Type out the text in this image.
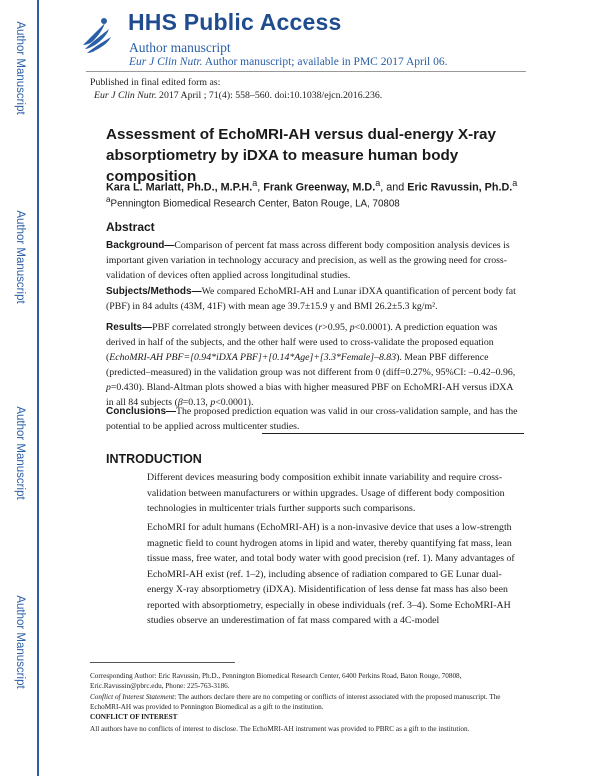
Author Manuscript
Author Manuscript
Author Manuscript
Author Manuscript
HHS Public Access
Author manuscript
Eur J Clin Nutr. Author manuscript; available in PMC 2017 April 06.
Published in final edited form as:
Eur J Clin Nutr. 2017 April ; 71(4): 558–560. doi:10.1038/ejcn.2016.236.
Assessment of EchoMRI-AH versus dual-energy X-ray absorptiometry by iDXA to measure human body composition
Kara L. Marlatt, Ph.D., M.P.H.$^a$, Frank Greenway, M.D.$^a$, and Eric Ravussin, Ph.D.$^a$
$^a$Pennington Biomedical Research Center, Baton Rouge, LA, 70808
Abstract
Background—Comparison of percent fat mass across different body composition analysis devices is important given variation in technology accuracy and precision, as well as the growing need for cross-validation of devices often applied across longitudinal studies.
Subjects/Methods—We compared EchoMRI-AH and Lunar iDXA quantification of percent body fat (PBF) in 84 adults (43M, 41F) with mean age 39.7±15.9 y and BMI 26.2±5.3 kg/m².
Results—PBF correlated strongly between devices (r>0.95, p<0.0001). A prediction equation was derived in half of the subjects, and the other half were used to cross-validate the proposed equation (EchoMRI-AH PBF=[0.94*iDXA PBF]+[0.14*Age]+[3.3*Female]–8.83). Mean PBF difference (predicted–measured) in the validation group was not different from 0 (diff=0.27%, 95%CI: –0.42–0.96, p=0.430). Bland-Altman plots showed a bias with higher measured PBF on EchoMRI-AH versus iDXA in all 84 subjects (β=0.13, p<0.0001).
Conclusions—The proposed prediction equation was valid in our cross-validation sample, and has the potential to be applied across multicenter studies.
INTRODUCTION
Different devices measuring body composition exhibit innate variability and require cross-validation between manufacturers or within upgrades. Usage of different body composition technologies in multicenter trials further supports such comparisons.
EchoMRI for adult humans (EchoMRI-AH) is a non-invasive device that uses a low-strength magnetic field to count hydrogen atoms in lipid and water, thereby quantifying fat mass, lean tissue mass, free water, and total body water with good precision (ref. 1). Many advantages of EchoMRI-AH exist (ref. 1–2), including absence of radiation compared to GE Lunar dual-energy X-ray absorptiometry (iDXA). Misidentification of less dense fat mass has also been reported with absorptiometry, especially in obese individuals (ref. 3–4). Some EchoMRI-AH studies observe an underestimation of fat mass compared with a 4C-model
Corresponding Author: Eric Ravussin, Ph.D., Pennington Biomedical Research Center, 6400 Perkins Road, Baton Rouge, 70808, Eric.Ravussin@pbrc.edu, Phone: 225-763-3186.
Conflict of Interest Statement: The authors declare there are no competing or conflicts of interest associated with the proposed manuscript. The EchoMRI-AH was provided to Pennington Biomedical as a gift to the institution.
CONFLICT OF INTEREST
All authors have no conflicts of interest to disclose. The EchoMRI-AH instrument was provided to PBRC as a gift to the institution.
